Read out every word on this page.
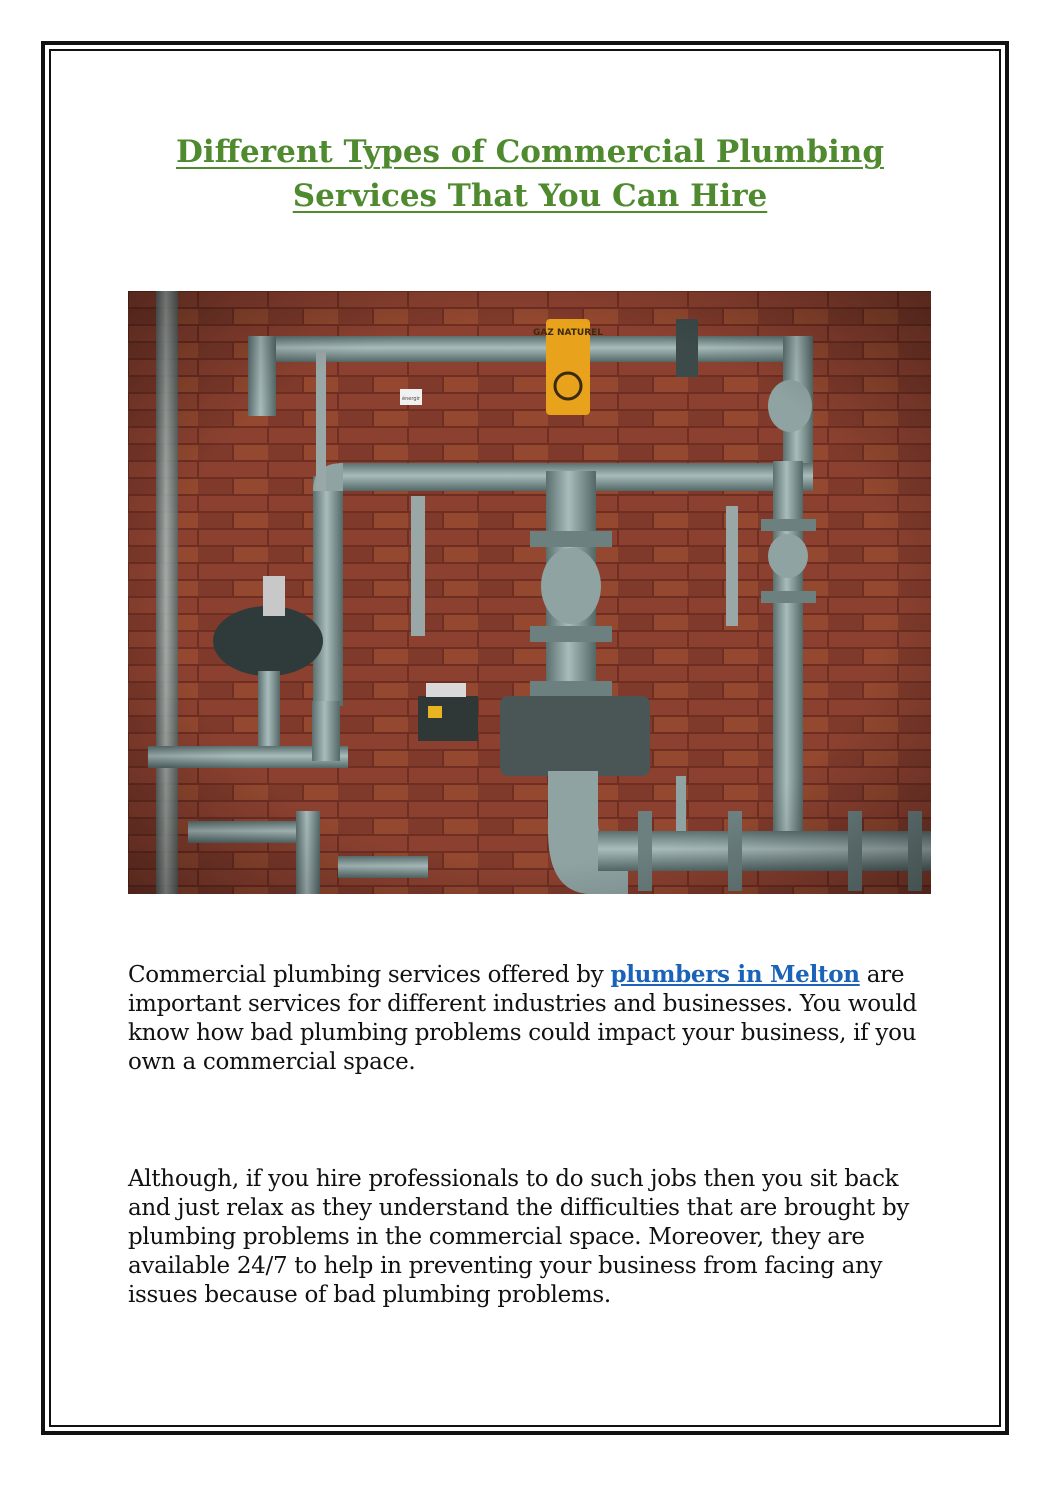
Different Types of Commercial Plumbing
Services That You Can Hire

Commercial plumbing services offered by plumbers in Melton are important services for different industries and businesses. You would know how bad plumbing problems could impact your business, if you own a commercial space.

Although, if you hire professionals to do such jobs then you sit back and just relax as they understand the difficulties that are brought by plumbing problems in the commercial space. Moreover, they are available 24/7 to help in preventing your business from facing any issues because of bad plumbing problems.
